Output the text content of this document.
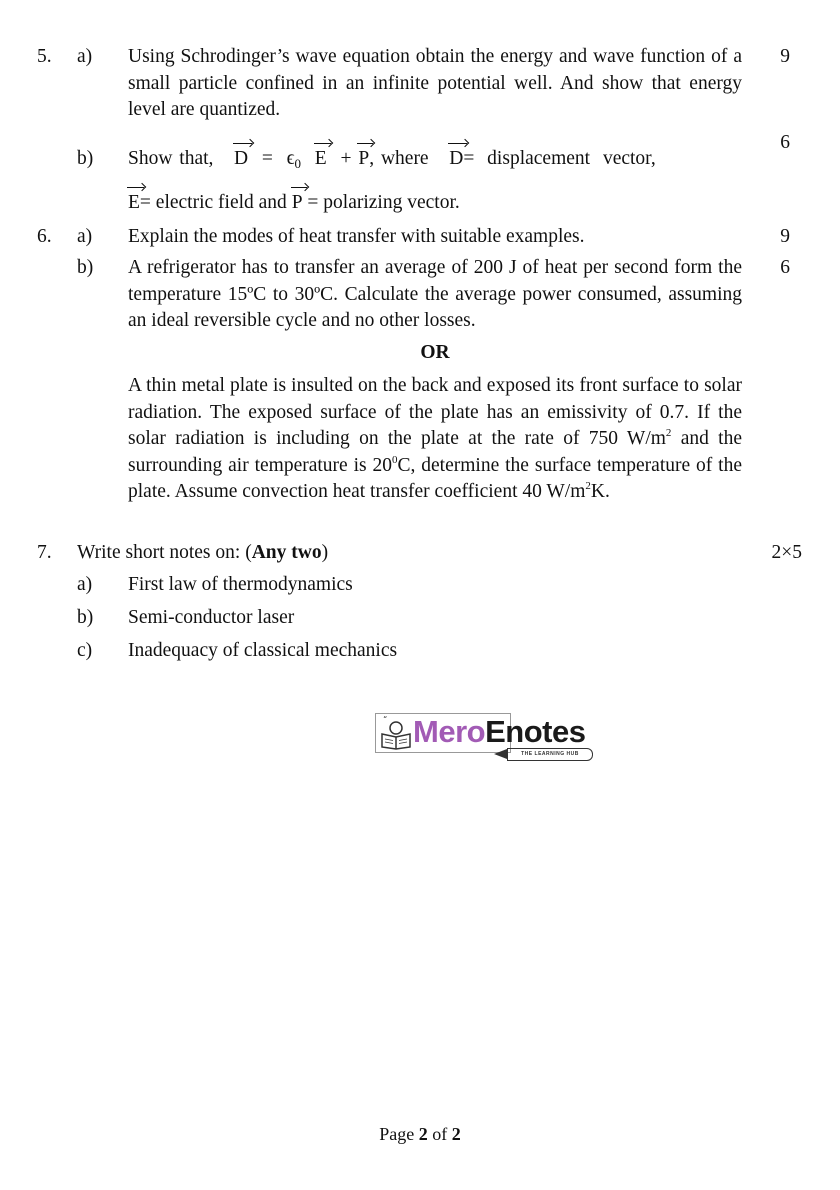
5. a) Using Schrodinger’s wave equation obtain the energy and wave function of a small particle confined in an infinite potential well. And show that energy level are quantized.
9
b)
6
Show that, $D = \epsilon_0$ E + P, where D= displacement vector,
E= electric field and P = polarizing vector.
6. a) Explain the modes of heat transfer with suitable examples.	9
b) A refrigerator has to transfer an average of 200 J of heat per second form the temperature 15ºC to 30ºC. Calculate the average power consumed, assuming an ideal reversible cycle and no other losses.
6
OR
A thin metal plate is insulted on the back and exposed its front surface to solar radiation. The exposed surface of the plate has an emissivity of 0.7. If the solar radiation is including on the plate at the rate of 750 $W/m^2$ and the surrounding air temperature is $20^0C$, determine the surface temperature of the plate. Assume convection heat transfer coefficient 40 $W/m^2K$.
7. Write short notes on: (Any two)	2×5
a) First law of thermodynamics
b) Semi-conductor laser
c) Inadequacy of classical mechanics
“ MeroEnotes
THE LEARNING HUB
Page 2 of 2
